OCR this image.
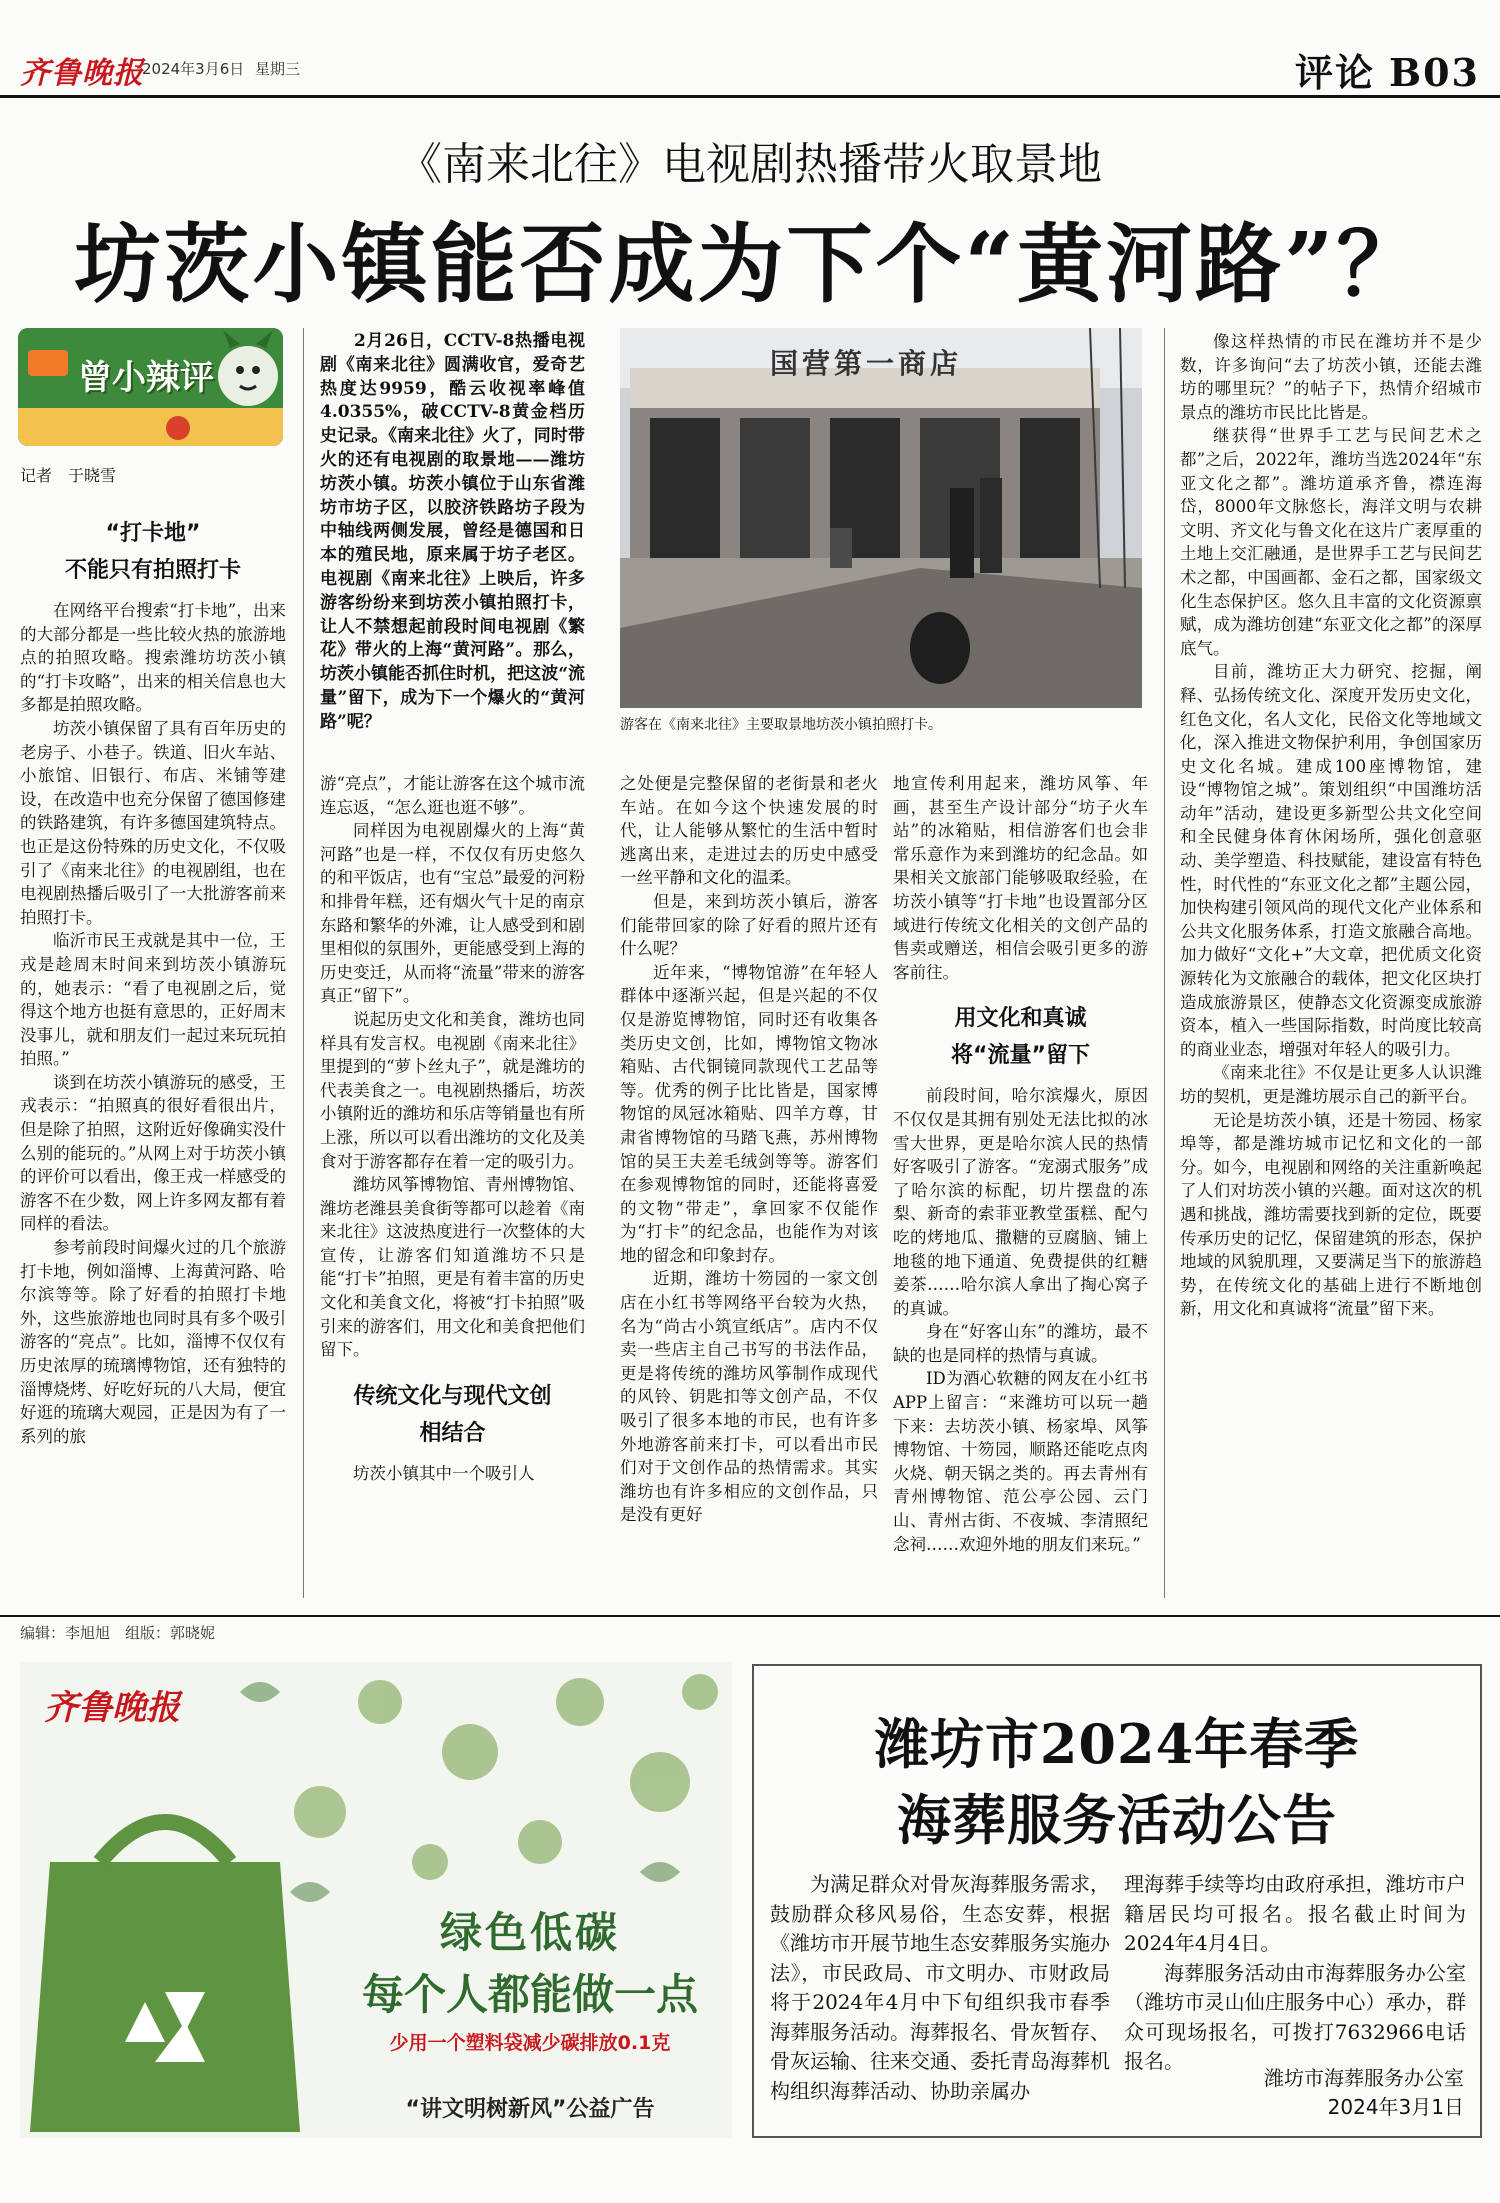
齐鲁晚报
2024年3月6日 星期三	评论 B03
《南来北往》电视剧热播带火取景地
坊茨小镇能否成为下个“黄河路”？
曾小辣评
记者　于晓雪
“打卡地”
不能只有拍照打卡

在网络平台搜索“打卡地”，出来的大部分都是一些比较火热的旅游地点的拍照攻略。搜索潍坊坊茨小镇的“打卡攻略”，出来的相关信息也大多都是拍照攻略。

坊茨小镇保留了具有百年历史的老房子、小巷子。铁道、旧火车站、小旅馆、旧银行、布店、米铺等建设，在改造中也充分保留了德国修建的铁路建筑，有许多德国建筑特点。也正是这份特殊的历史文化，不仅吸引了《南来北往》的电视剧组，也在电视剧热播后吸引了一大批游客前来拍照打卡。

临沂市民王戎就是其中一位，王戎是趁周末时间来到坊茨小镇游玩的，她表示：“看了电视剧之后，觉得这个地方也挺有意思的，正好周末没事儿，就和朋友们一起过来玩玩拍拍照。”

谈到在坊茨小镇游玩的感受，王戎表示：“拍照真的很好看很出片，但是除了拍照，这附近好像确实没什么别的能玩的。”从网上对于坊茨小镇的评价可以看出，像王戎一样感受的游客不在少数，网上许多网友都有着同样的看法。

参考前段时间爆火过的几个旅游打卡地，例如淄博、上海黄河路、哈尔滨等等。除了好看的拍照打卡地外，这些旅游地也同时具有多个吸引游客的“亮点”。比如，淄博不仅仅有历史浓厚的琉璃博物馆，还有独特的淄博烧烤、好吃好玩的八大局，便宜好逛的琉璃大观园，正是因为有了一系列的旅

2月26日，CCTV-8热播电视剧《南来北往》圆满收官，爱奇艺热度达9959，酷云收视率峰值4.0355%，破CCTV-8黄金档历史记录。《南来北往》火了，同时带火的还有电视剧的取景地——潍坊坊茨小镇。坊茨小镇位于山东省潍坊市坊子区，以胶济铁路坊子段为中轴线两侧发展，曾经是德国和日本的殖民地，原来属于坊子老区。电视剧《南来北往》上映后，许多游客纷纷来到坊茨小镇拍照打卡，让人不禁想起前段时间电视剧《繁花》带火的上海“黄河路”。那么，坊茨小镇能否抓住时机，把这波“流量”留下，成为下一个爆火的“黄河路”呢？

游“亮点”，才能让游客在这个城市流连忘返，“怎么逛也逛不够”。

同样因为电视剧爆火的上海“黄河路”也是一样，不仅仅有历史悠久的和平饭店，也有“宝总”最爱的河粉和排骨年糕，还有烟火气十足的南京东路和繁华的外滩，让人感受到和剧里相似的氛围外，更能感受到上海的历史变迁，从而将“流量”带来的游客真正“留下”。

说起历史文化和美食，潍坊也同样具有发言权。电视剧《南来北往》里提到的“萝卜丝丸子”，就是潍坊的代表美食之一。电视剧热播后，坊茨小镇附近的潍坊和乐店等销量也有所上涨，所以可以看出潍坊的文化及美食对于游客都存在着一定的吸引力。

潍坊风筝博物馆、青州博物馆、潍坊老潍县美食街等都可以趁着《南来北往》这波热度进行一次整体的大宣传，让游客们知道潍坊不只是能“打卡”拍照，更是有着丰富的历史文化和美食文化，将被“打卡拍照”吸引来的游客们，用文化和美食把他们留下。

传统文化与现代文创
相结合

坊茨小镇其中一个吸引人

国营第一商店
游客在《南来北往》主要取景地坊茨小镇拍照打卡。

之处便是完整保留的老街景和老火车站。在如今这个快速发展的时代，让人能够从繁忙的生活中暂时逃离出来，走进过去的历史中感受一丝平静和文化的温柔。

但是，来到坊茨小镇后，游客们能带回家的除了好看的照片还有什么呢？

近年来，“博物馆游”在年轻人群体中逐渐兴起，但是兴起的不仅仅是游览博物馆，同时还有收集各类历史文创，比如，博物馆文物冰箱贴、古代铜镜同款现代工艺品等等。优秀的例子比比皆是，国家博物馆的凤冠冰箱贴、四羊方尊，甘肃省博物馆的马踏飞燕，苏州博物馆的吴王夫差毛绒剑等等。游客们在参观博物馆的同时，还能将喜爱的文物“带走”，拿回家不仅能作为“打卡”的纪念品，也能作为对该地的留念和印象封存。

近期，潍坊十笏园的一家文创店在小红书等网络平台较为火热，名为“尚古小筑宣纸店”。店内不仅卖一些店主自己书写的书法作品，更是将传统的潍坊风筝制作成现代的风铃、钥匙扣等文创产品，不仅吸引了很多本地的市民，也有许多外地游客前来打卡，可以看出市民们对于文创作品的热情需求。其实潍坊也有许多相应的文创作品，只是没有更好

地宣传利用起来，潍坊风筝、年画，甚至生产设计部分“坊子火车站”的冰箱贴，相信游客们也会非常乐意作为来到潍坊的纪念品。如果相关文旅部门能够吸取经验，在坊茨小镇等“打卡地”也设置部分区域进行传统文化相关的文创产品的售卖或赠送，相信会吸引更多的游客前往。

用文化和真诚
将“流量”留下

前段时间，哈尔滨爆火，原因不仅仅是其拥有别处无法比拟的冰雪大世界，更是哈尔滨人民的热情好客吸引了游客。“宠溺式服务”成了哈尔滨的标配，切片摆盘的冻梨、新奇的索菲亚教堂蛋糕、配勺吃的烤地瓜、撒糖的豆腐脑、铺上地毯的地下通道、免费提供的红糖姜茶……哈尔滨人拿出了掏心窝子的真诚。

身在“好客山东”的潍坊，最不缺的也是同样的热情与真诚。

ID为酒心软糖的网友在小红书APP上留言：“来潍坊可以玩一趟下来：去坊茨小镇、杨家埠、风筝博物馆、十笏园，顺路还能吃点肉火烧、朝天锅之类的。再去青州有青州博物馆、范公亭公园、云门山、青州古街、不夜城、李清照纪念祠……欢迎外地的朋友们来玩。”

像这样热情的市民在潍坊并不是少数，许多询问“去了坊茨小镇，还能去潍坊的哪里玩？”的帖子下，热情介绍城市景点的潍坊市民比比皆是。

继获得“世界手工艺与民间艺术之都”之后，2022年，潍坊当选2024年“东亚文化之都”。潍坊道承齐鲁，襟连海岱，8000年文脉悠长，海洋文明与农耕文明、齐文化与鲁文化在这片广袤厚重的土地上交汇融通，是世界手工艺与民间艺术之都，中国画都、金石之都，国家级文化生态保护区。悠久且丰富的文化资源禀赋，成为潍坊创建“东亚文化之都”的深厚底气。

目前，潍坊正大力研究、挖掘，阐释、弘扬传统文化、深度开发历史文化，红色文化，名人文化，民俗文化等地域文化，深入推进文物保护利用，争创国家历史文化名城。建成100座博物馆，建设“博物馆之城”。策划组织“中国潍坊活动年”活动，建设更多新型公共文化空间和全民健身体育休闲场所，强化创意驱动、美学塑造、科技赋能，建设富有特色性，时代性的“东亚文化之都”主题公园，加快构建引领风尚的现代文化产业体系和公共文化服务体系，打造文旅融合高地。加力做好“文化+”大文章，把优质文化资源转化为文旅融合的载体，把文化区块打造成旅游景区，使静态文化资源变成旅游资本，植入一些国际指数，时尚度比较高的商业业态，增强对年轻人的吸引力。

《南来北往》不仅是让更多人认识潍坊的契机，更是潍坊展示自己的新平台。

无论是坊茨小镇，还是十笏园、杨家埠等，都是潍坊城市记忆和文化的一部分。如今，电视剧和网络的关注重新唤起了人们对坊茨小镇的兴趣。面对这次的机遇和挑战，潍坊需要找到新的定位，既要传承历史的记忆，保留建筑的形态，保护地域的风貌肌理，又要满足当下的旅游趋势，在传统文化的基础上进行不断地创新，用文化和真诚将“流量”留下来。

编辑：李旭旭　组版：郭晓妮
齐鲁晚报
绿色低碳
每个人都能做一点
少用一个塑料袋减少碳排放0.1克
“讲文明树新风”公益广告
潍坊市2024年春季
海葬服务活动公告
为满足群众对骨灰海葬服务需求，鼓励群众移风易俗，生态安葬，根据《潍坊市开展节地生态安葬服务实施办法》，市民政局、市文明办、市财政局将于2024年4月中下旬组织我市春季海葬服务活动。海葬报名、骨灰暂存、骨灰运输、往来交通、委托青岛海葬机构组织海葬活动、协助亲属办
理海葬手续等均由政府承担，潍坊市户籍居民均可报名。报名截止时间为2024年4月4日。
海葬服务活动由市海葬服务办公室（潍坊市灵山仙庄服务中心）承办，群众可现场报名，可拨打7632966电话报名。
潍坊市海葬服务办公室
2024年3月1日
